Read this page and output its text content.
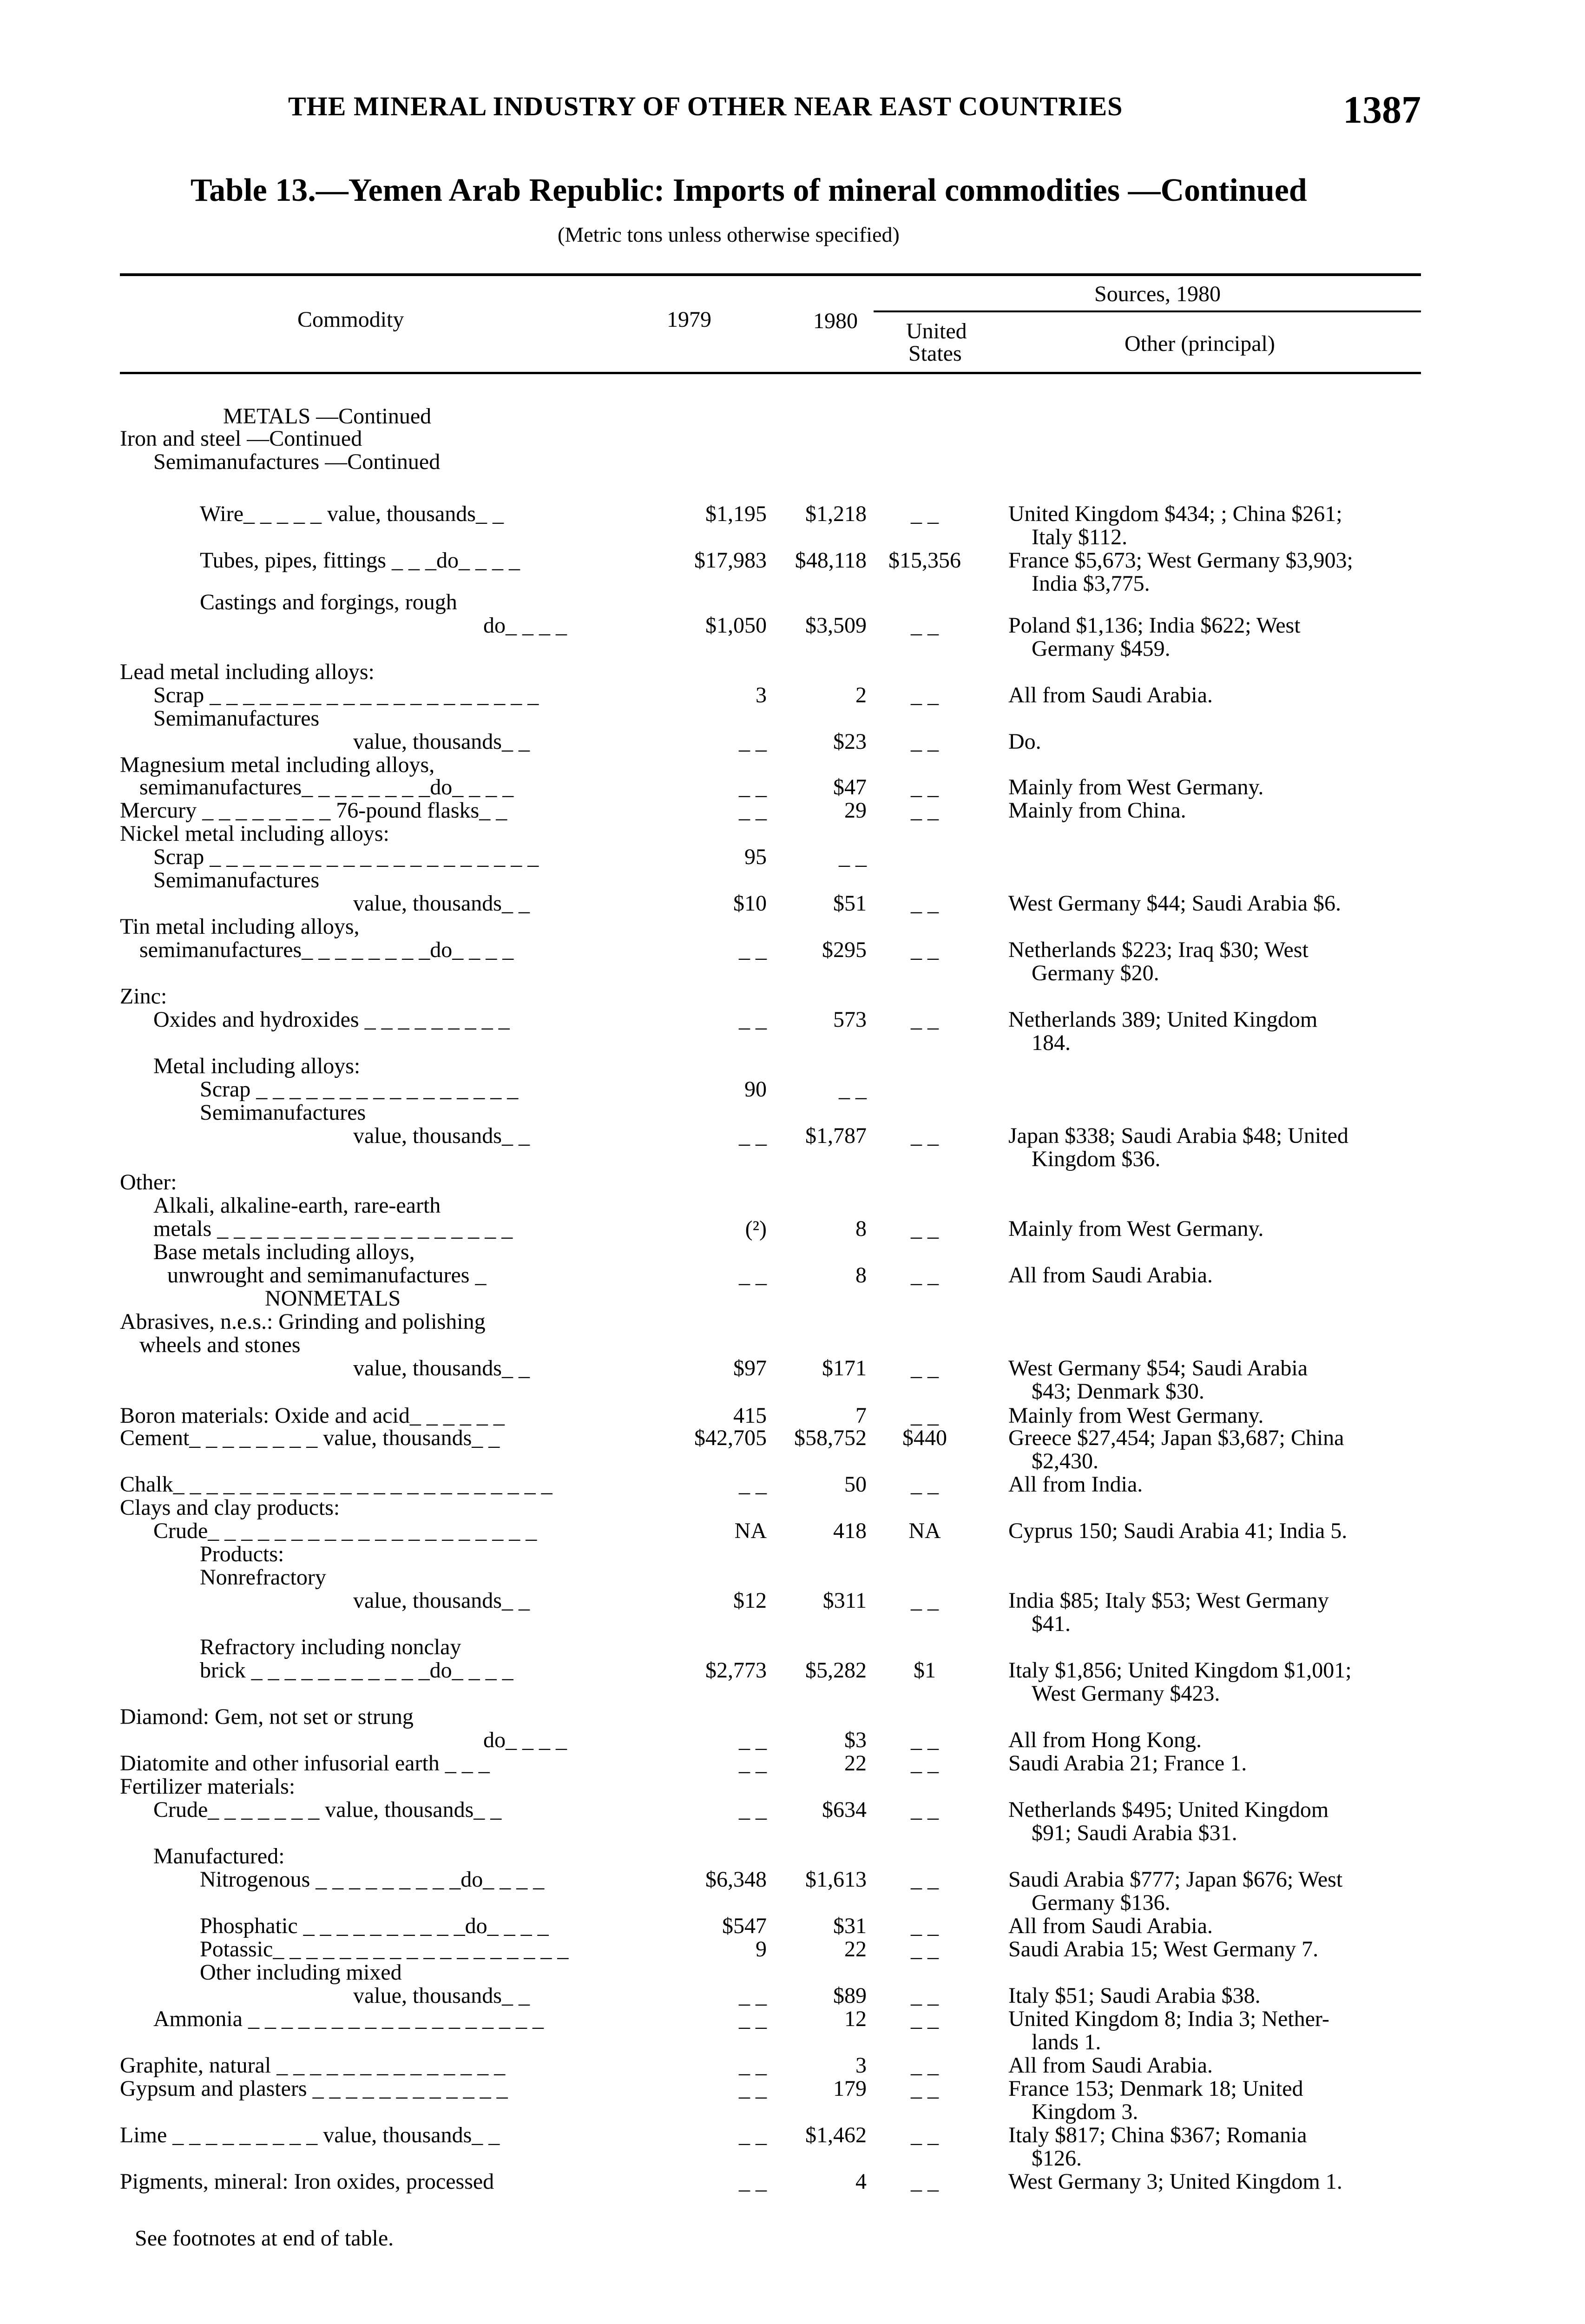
THE MINERAL INDUSTRY OF OTHER NEAR EAST COUNTRIES	1387
Table 13.—Yemen Arab Republic: Imports of mineral commodities —Continued
(Metric tons unless otherwise specified)
Commodity	1979	1980
Sources, 1980
United
States	Other (principal)
METALS —Continued
Iron and steel —Continued
Semimanufactures —Continued
Wire_ _ _ _ _ value, thousands_ _	$1,195	$1,218	_ _	United Kingdom $434; ; China $261;
Italy $112.
Tubes, pipes, fittings _ _ _do_ _ _ _	$17,983	$48,118 $15,356	France $5,673; West Germany $3,903;
India $3,775.
Castings and forgings, rough
do_ _ _ _	$1,050	$3,509	_ _	Poland $1,136; India $622; West
Germany $459.
Lead metal including alloys:
Scrap _ _ _ _ _ _ _ _ _ _ _ _ _ _ _ _ _ _ _ _	3	2	_ _	All from Saudi Arabia.
Semimanufactures
value, thousands_ _	_ _	$23	_ _	Do.
Magnesium metal including alloys,
semimanufactures_ _ _ _ _ _ _ _do_ _ _ _	_ _	$47	_ _	Mainly from West Germany.
Mercury _ _ _ _ _ _ _ _ 76-pound flasks_ _	_ _	29	_ _	Mainly from China.
Nickel metal including alloys:
Scrap _ _ _ _ _ _ _ _ _ _ _ _ _ _ _ _ _ _ _ _	95	_ _
Semimanufactures
value, thousands_ _	$10	$51	_ _	West Germany $44; Saudi Arabia $6.
Tin metal including alloys,
semimanufactures_ _ _ _ _ _ _ _do_ _ _ _	_ _	$295	_ _	Netherlands $223; Iraq $30; West
Germany $20.
Zinc:
Oxides and hydroxides _ _ _ _ _ _ _ _ _	_ _	573	_ _	Netherlands 389; United Kingdom
184.
Metal including alloys:
Scrap _ _ _ _ _ _ _ _ _ _ _ _ _ _ _ _	90	_ _
Semimanufactures
value, thousands_ _	_ _	$1,787	_ _	Japan $338; Saudi Arabia $48; United
Kingdom $36.
Other:
Alkali, alkaline-earth, rare-earth
metals _ _ _ _ _ _ _ _ _ _ _ _ _ _ _ _ _ _	(²)	8	_ _	Mainly from West Germany.
Base metals including alloys,
unwrought and semimanufactures _	_ _	8	_ _	All from Saudi Arabia.
NONMETALS
Abrasives, n.e.s.: Grinding and polishing
wheels and stones
value, thousands_ _	$97	$171	_ _	West Germany $54; Saudi Arabia
$43; Denmark $30.
Boron materials: Oxide and acid_ _ _ _ _ _	415	7	_ _	Mainly from West Germany.
Cement_ _ _ _ _ _ _ _ value, thousands_ _	$42,705	$58,752	$440	Greece $27,454; Japan $3,687; China
$2,430.
Chalk_ _ _ _ _ _ _ _ _ _ _ _ _ _ _ _ _ _ _ _ _ _ _	_ _	50	_ _	All from India.
Clays and clay products:
Crude_ _ _ _ _ _ _ _ _ _ _ _ _ _ _ _ _ _ _ _	NA	418	NA	Cyprus 150; Saudi Arabia 41; India 5.
Products:
Nonrefractory
value, thousands_ _	$12	$311	_ _	India $85; Italy $53; West Germany
$41.
Refractory including nonclay
brick _ _ _ _ _ _ _ _ _ _ _do_ _ _ _	$2,773	$5,282	$1	Italy $1,856; United Kingdom $1,001;
West Germany $423.
Diamond: Gem, not set or strung
do_ _ _ _	_ _	$3	_ _	All from Hong Kong.
Diatomite and other infusorial earth _ _ _	_ _	22	_ _	Saudi Arabia 21; France 1.
Fertilizer materials:
Crude_ _ _ _ _ _ _ value, thousands_ _	_ _	$634	_ _	Netherlands $495; United Kingdom
$91; Saudi Arabia $31.
Manufactured:
Nitrogenous _ _ _ _ _ _ _ _ _do_ _ _ _	$6,348	$1,613	_ _	Saudi Arabia $777; Japan $676; West
Germany $136.
Phosphatic _ _ _ _ _ _ _ _ _ _do_ _ _ _	$547	$31	_ _	All from Saudi Arabia.
Potassic_ _ _ _ _ _ _ _ _ _ _ _ _ _ _ _ _ _	9	22	_ _	Saudi Arabia 15; West Germany 7.
Other including mixed
value, thousands_ _	_ _	$89	_ _	Italy $51; Saudi Arabia $38.
Ammonia _ _ _ _ _ _ _ _ _ _ _ _ _ _ _ _ _ _	_ _	12	_ _	United Kingdom 8; India 3; Nether-
lands 1.
Graphite, natural _ _ _ _ _ _ _ _ _ _ _ _ _ _	_ _	3	_ _	All from Saudi Arabia.
Gypsum and plasters _ _ _ _ _ _ _ _ _ _ _ _	_ _	179	_ _	France 153; Denmark 18; United
Kingdom 3.
Lime _ _ _ _ _ _ _ _ _ value, thousands_ _	_ _	$1,462	_ _	Italy $817; China $367; Romania
$126.
Pigments, mineral: Iron oxides, processed	_ _	4	_ _	West Germany 3; United Kingdom 1.
See footnotes at end of table.
